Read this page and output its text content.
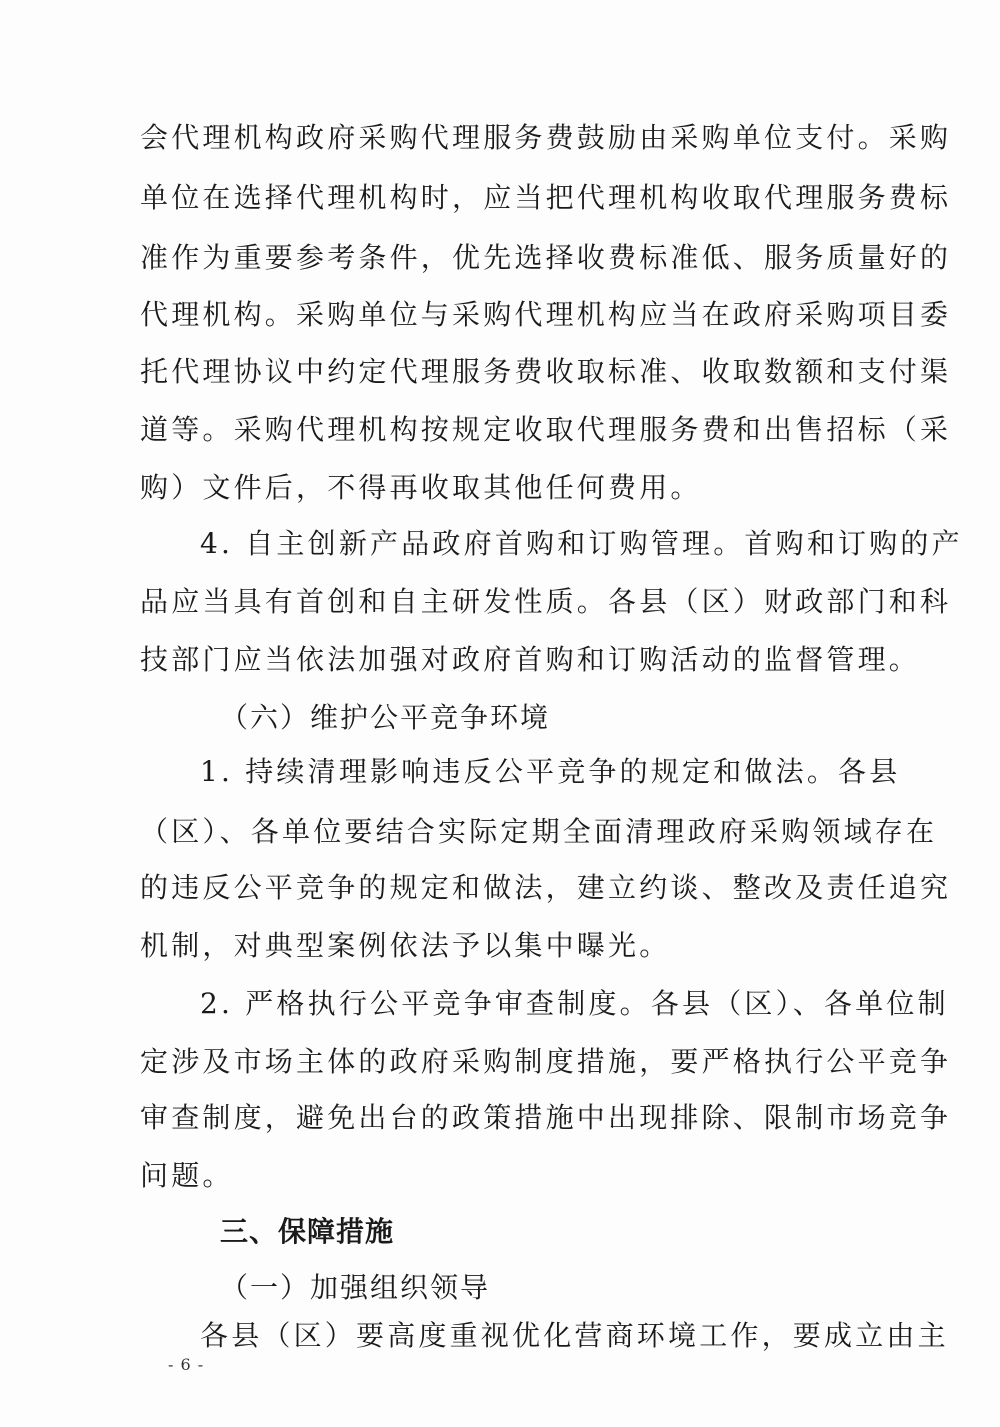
会代理机构政府采购代理服务费鼓励由采购单位支付。采购
单位在选择代理机构时，应当把代理机构收取代理服务费标
准作为重要参考条件，优先选择收费标准低、服务质量好的
代理机构。采购单位与采购代理机构应当在政府采购项目委
托代理协议中约定代理服务费收取标准、收取数额和支付渠
道等。采购代理机构按规定收取代理服务费和出售招标（采
购）文件后，不得再收取其他任何费用。
4. 自主创新产品政府首购和订购管理。首购和订购的产
品应当具有首创和自主研发性质。各县（区）财政部门和科
技部门应当依法加强对政府首购和订购活动的监督管理。
（六）维护公平竞争环境
1. 持续清理影响违反公平竞争的规定和做法。各县
（区）、各单位要结合实际定期全面清理政府采购领域存在
的违反公平竞争的规定和做法，建立约谈、整改及责任追究
机制，对典型案例依法予以集中曝光。
2. 严格执行公平竞争审查制度。各县（区）、各单位制
定涉及市场主体的政府采购制度措施，要严格执行公平竞争
审查制度，避免出台的政策措施中出现排除、限制市场竞争
问题。
三、保障措施
（一）加强组织领导
各县（区）要高度重视优化营商环境工作，要成立由主
- 6 -
